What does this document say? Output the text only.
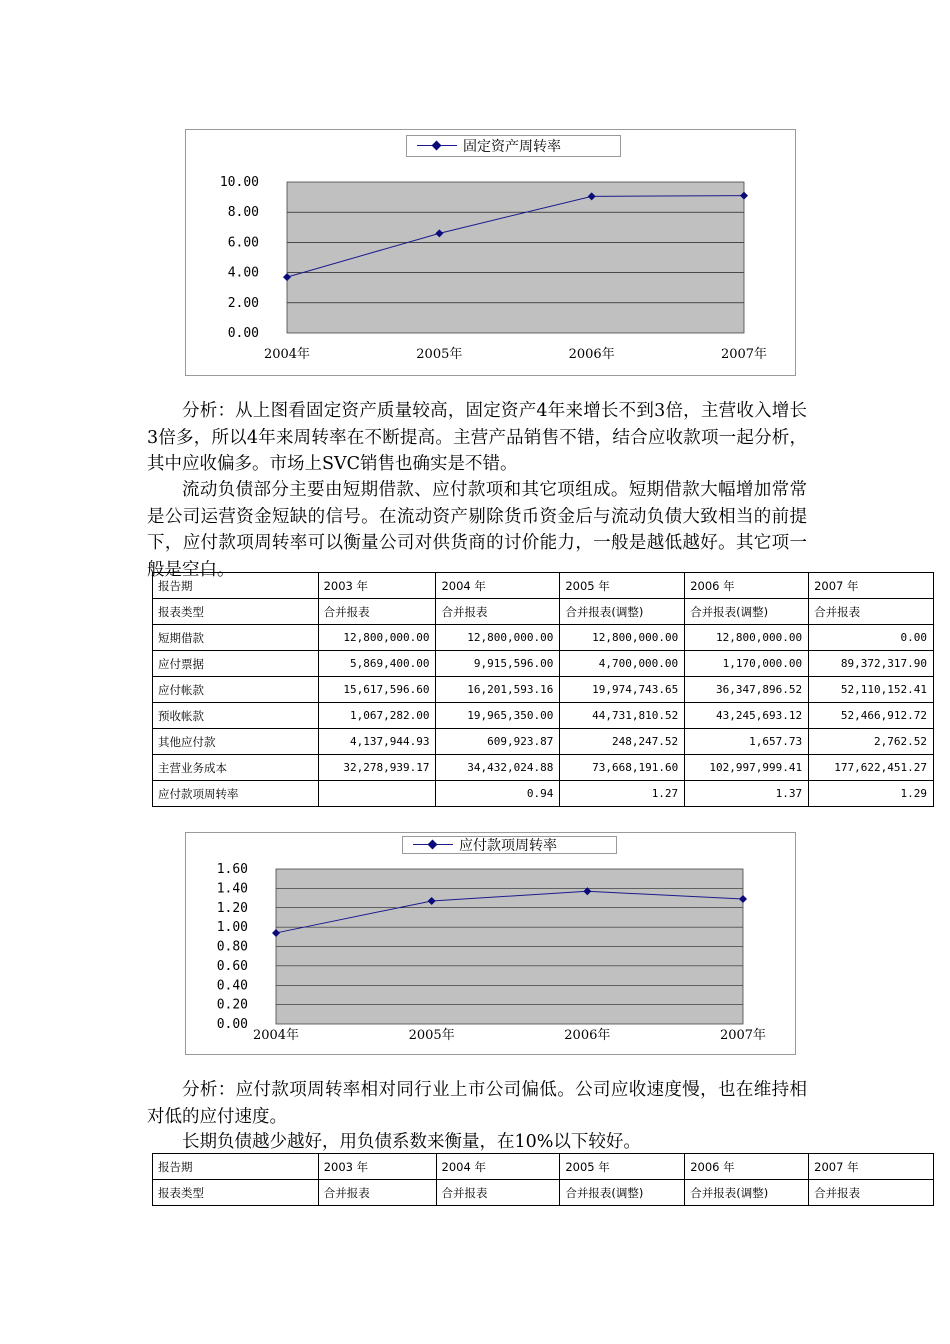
固定资产周转率
0.00
2.00
4.00
6.00
8.00
10.00
2004年	2005年	2006年	2007年
分析：从上图看固定资产质量较高，固定资产4年来增长不到3倍，主营收入增长3倍多，所以4年来周转率在不断提高。主营产品销售不错，结合应收款项一起分析，其中应收偏多。市场上SVC销售也确实是不错。
流动负债部分主要由短期借款、应付款项和其它项组成。短期借款大幅增加常常是公司运营资金短缺的信号。在流动资产剔除货币资金后与流动负债大致相当的前提下，应付款项周转率可以衡量公司对供货商的讨价能力，一般是越低越好。其它项一般是空白。
报告期	2003 年	2004 年	2005 年	2006 年	2007 年
报表类型	合并报表	合并报表	合并报表(调整)	合并报表(调整)	合并报表
短期借款	12,800,000.00	12,800,000.00	12,800,000.00	12,800,000.00	0.00
应付票据	5,869,400.00	9,915,596.00	4,700,000.00	1,170,000.00	89,372,317.90
应付帐款	15,617,596.60	16,201,593.16	19,974,743.65	36,347,896.52	52,110,152.41
预收帐款	1,067,282.00	19,965,350.00	44,731,810.52	43,245,693.12	52,466,912.72
其他应付款	4,137,944.93	609,923.87	248,247.52	1,657.73	2,762.52
主营业务成本	32,278,939.17	34,432,024.88	73,668,191.60	102,997,999.41	177,622,451.27
应付款项周转率		0.94	1.27	1.37	1.29
应付款项周转率
0.00
0.20
0.40
0.60
0.80
1.00
1.20
1.40
1.60
2004年	2005年	2006年	2007年
分析：应付款项周转率相对同行业上市公司偏低。公司应收速度慢，也在维持相对低的应付速度。
长期负债越少越好，用负债系数来衡量，在10%以下较好。
报告期	2003 年	2004 年	2005 年	2006 年	2007 年
报表类型	合并报表	合并报表	合并报表(调整)	合并报表(调整)	合并报表
